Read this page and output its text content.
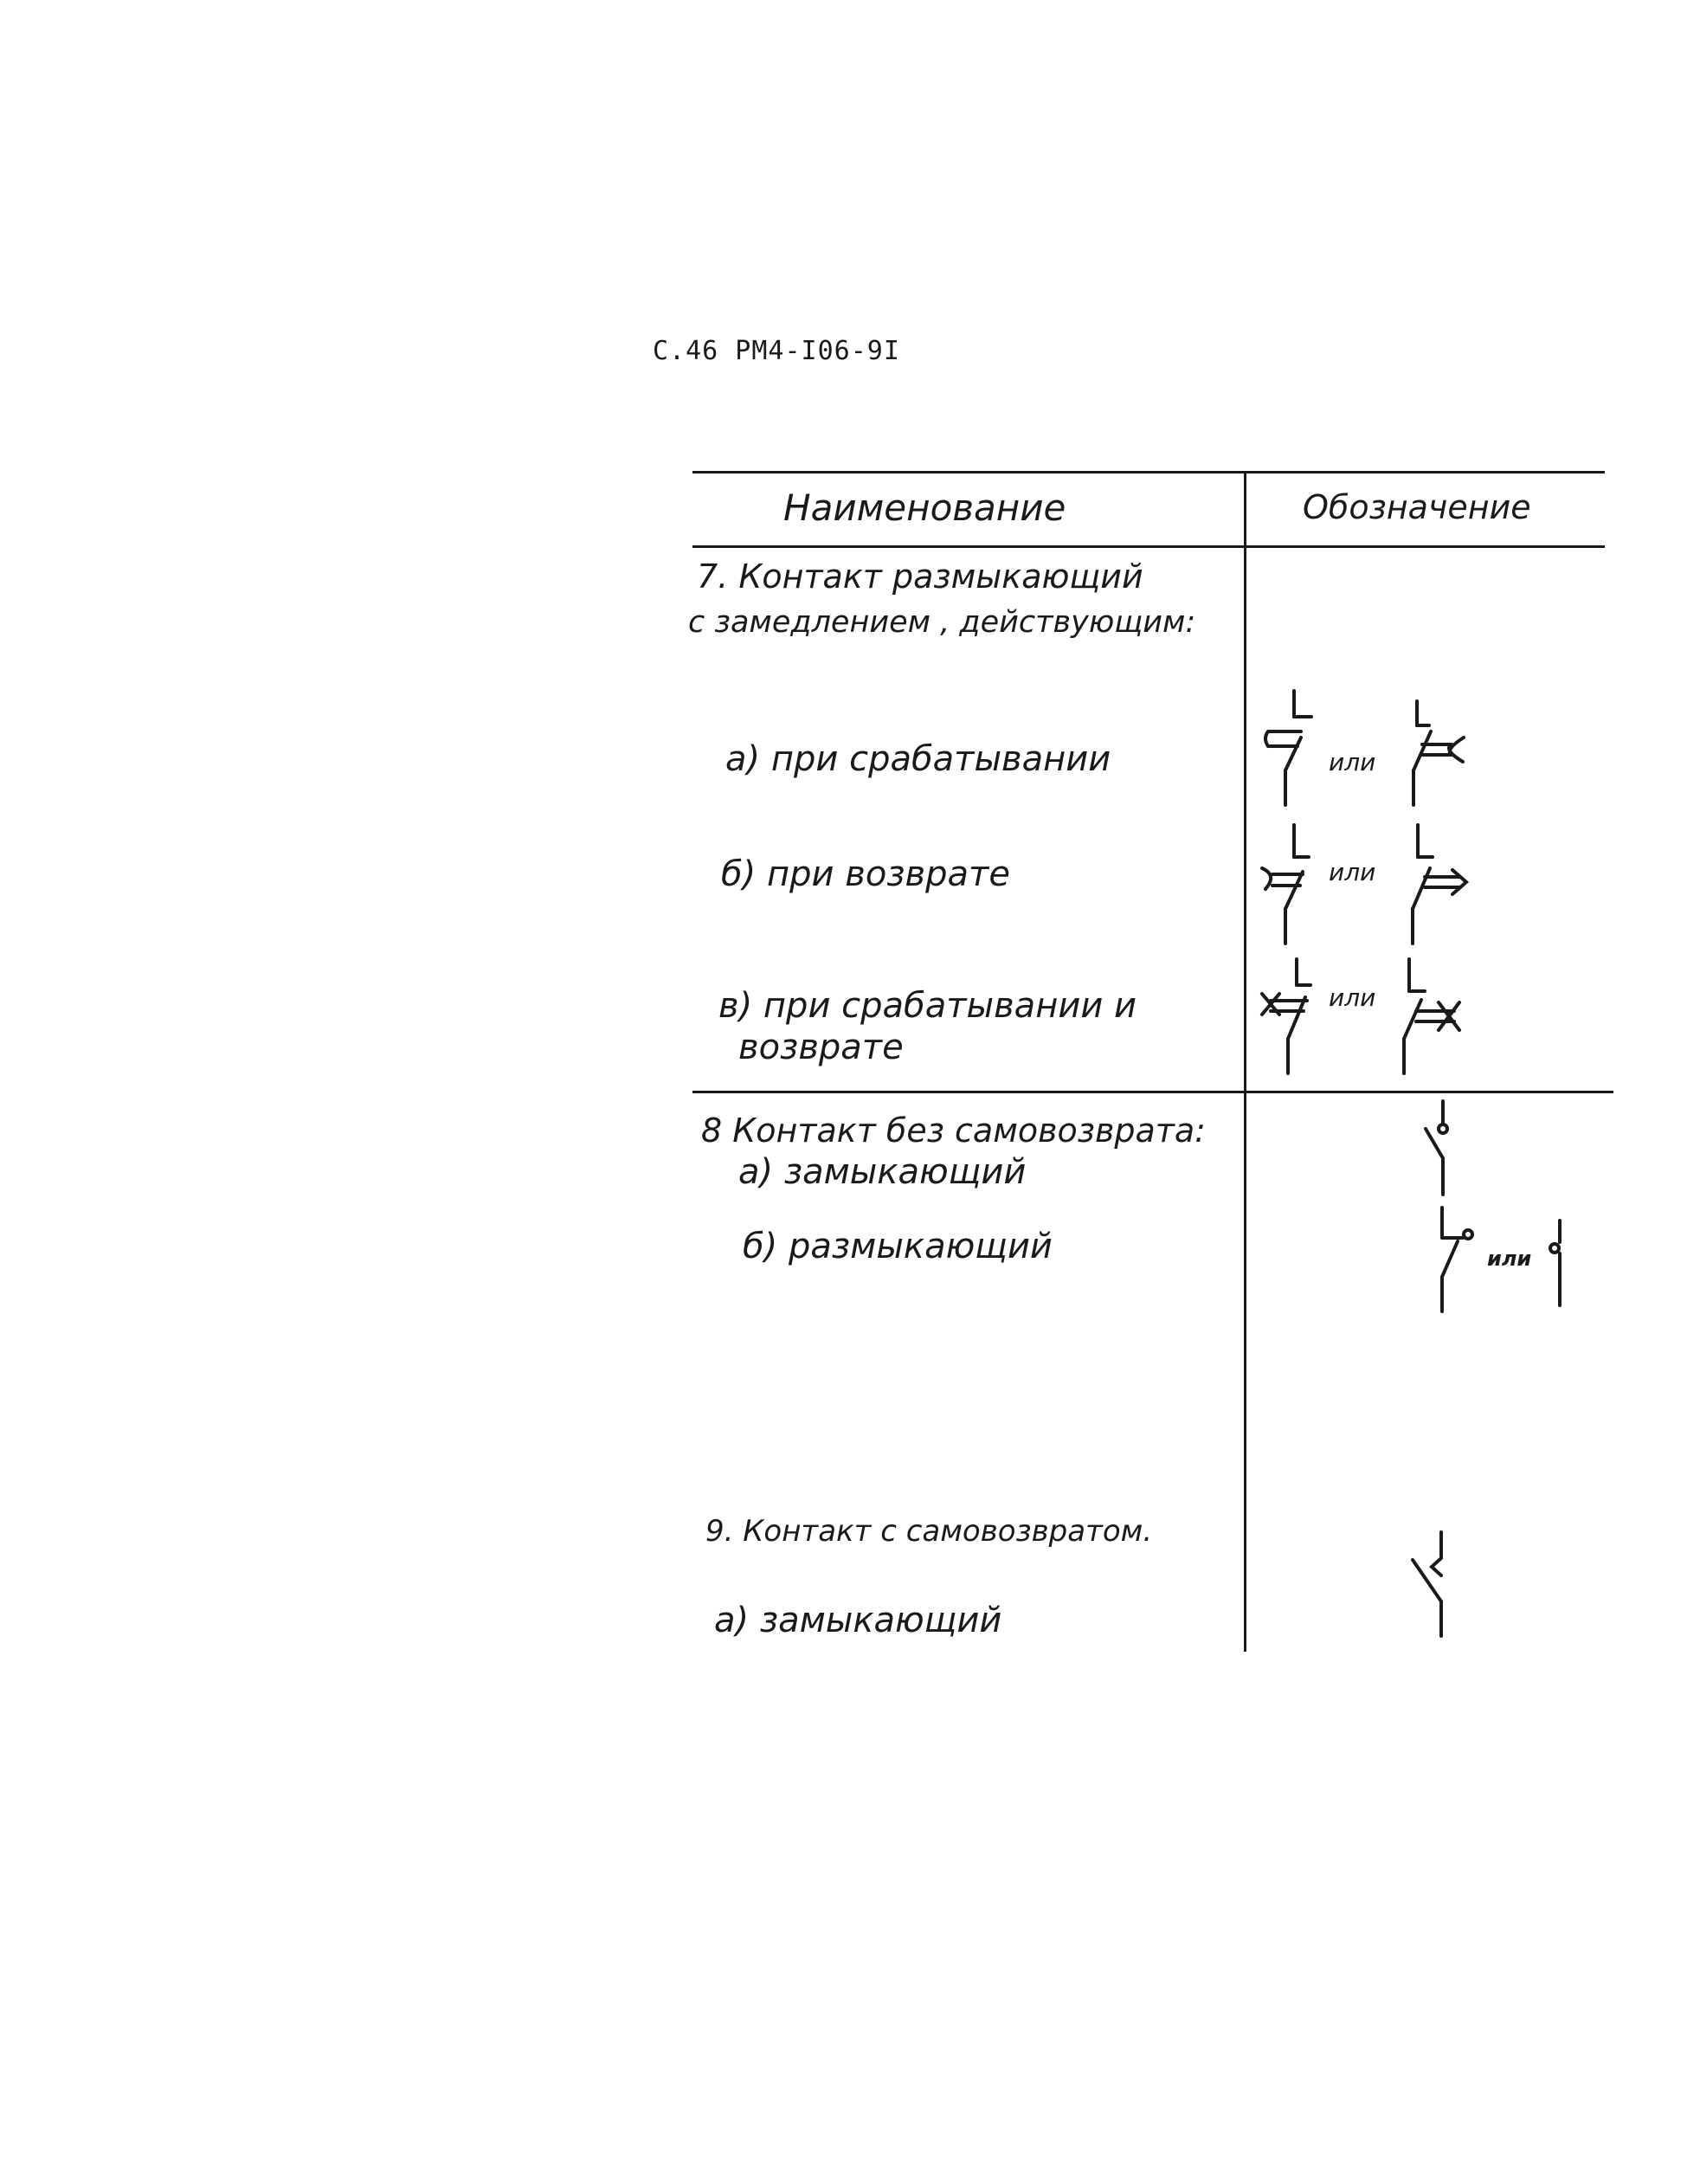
С.46 РМ4-I06-9I
Наименование	Обозначение
7. Контакт размыкающий
с замедлением , действующим:
а) при срабатывании
б) при возврате
в) при срабатывании и
возврате
8 Контакт без самовозврата:
а) замыкающий
б) размыкающий
9. Контакт с самовозвратом.
а) замыкающий
или
или
или
или
